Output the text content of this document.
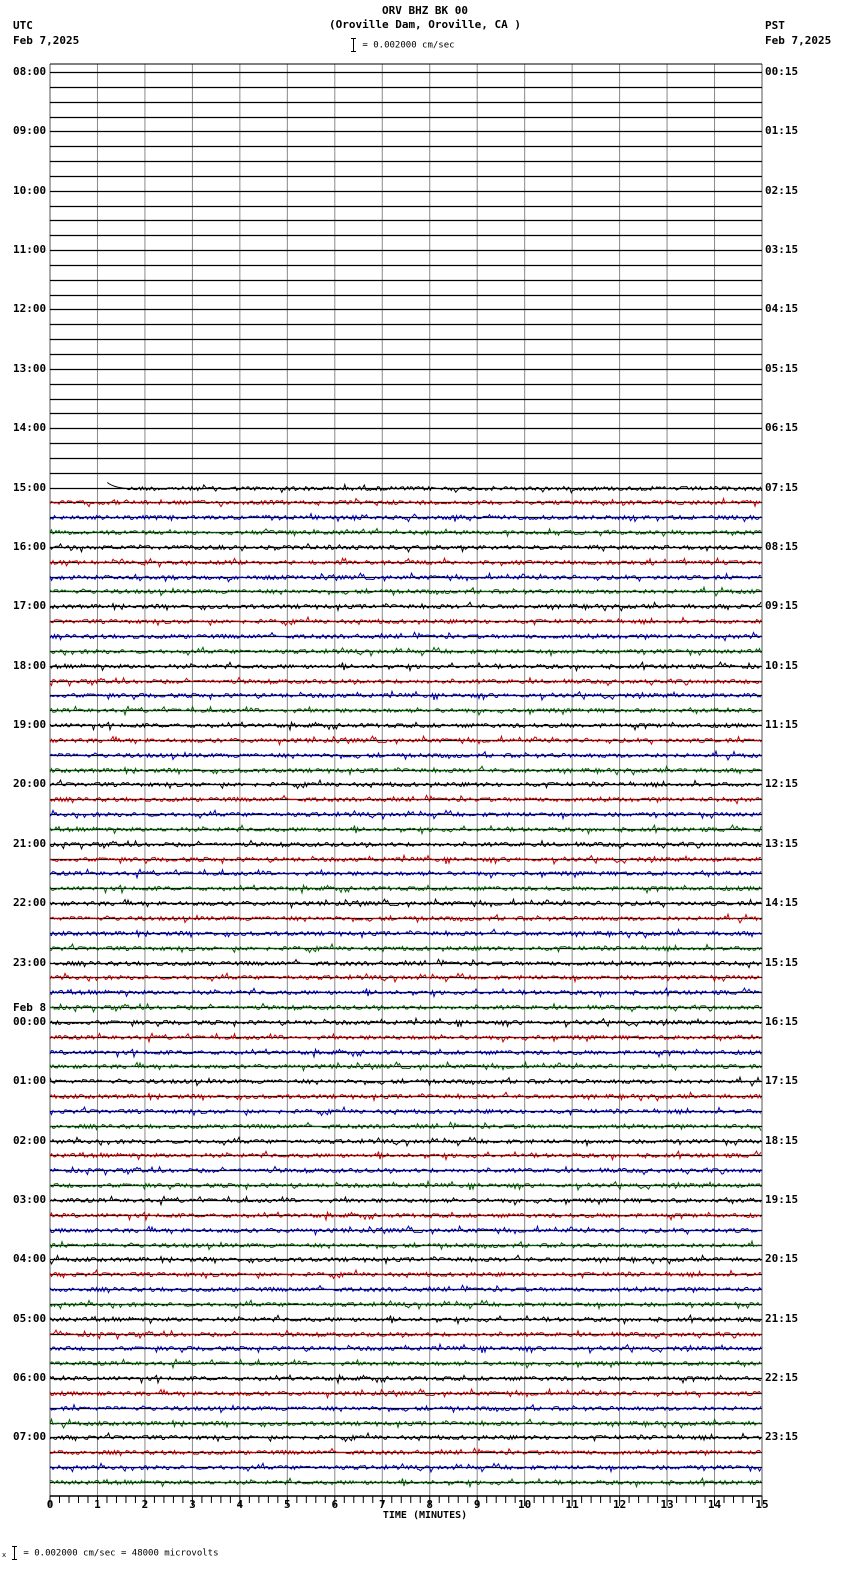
ORV BHZ BK 00
(Oroville Dam, Oroville, CA )
= 0.002000 cm/sec
UTC
Feb 7,2025
PST
Feb 7,2025
08:00
09:00
10:00
11:00
12:00
13:00
14:00
15:00
16:00
17:00
18:00
19:00
20:00
21:00
22:00
23:00
Feb 8
00:00
01:00
02:00
03:00
04:00
05:00
06:00
07:00
00:15
01:15
02:15
03:15
04:15
05:15
06:15
07:15
08:15
09:15
10:15
11:15
12:15
13:15
14:15
15:15
16:15
17:15
18:15
19:15
20:15
21:15
22:15
23:15
0	1	2	3	4	5	6	7	8	9	10	11	12	13	14	15
TIME (MINUTES)
x = 0.002000 cm/sec = 48000 microvolts
